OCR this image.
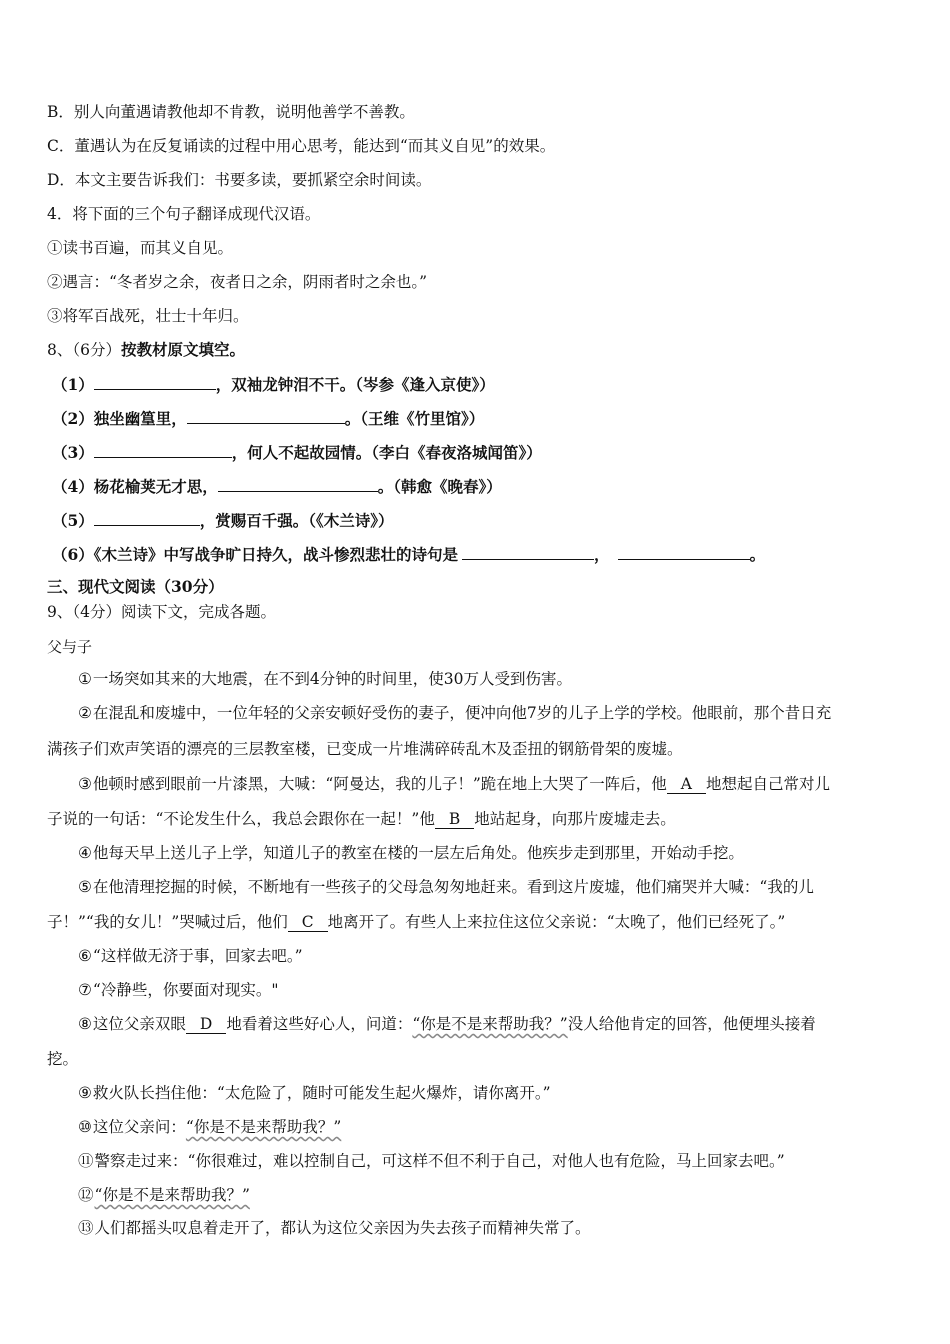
B．别人向董遇请教他却不肯教，说明他善学不善教。
C．董遇认为在反复诵读的过程中用心思考，能达到“而其义自见”的效果。
D．本文主要告诉我们：书要多读，要抓紧空余时间读。
4．将下面的三个句子翻译成现代汉语。
①读书百遍，而其义自见。
②遇言：“冬者岁之余，夜者日之余，阴雨者时之余也。”
③将军百战死，壮士十年归。
8、（6分）按教材原文填空。
（1）	，双袖龙钟泪不干。（岑参《逢入京使》）
（2）独坐幽篁里，	。（王维《竹里馆》）
（3）	，何人不起故园情。（李白《春夜洛城闻笛》）
（4）杨花榆荚无才思，	。（韩愈《晚春》）
（5）	，赏赐百千强。（《木兰诗》）
（6）《木兰诗》中写战争旷日持久，战斗惨烈悲壮的诗句是	，	。
三、现代文阅读（30分）
9、（4分）阅读下文，完成各题。
父与子
①一场突如其来的大地震，在不到4分钟的时间里，使30万人受到伤害。
②在混乱和废墟中，一位年轻的父亲安顿好受伤的妻子，便冲向他7岁的儿子上学的学校。他眼前，那个昔日充
满孩子们欢声笑语的漂亮的三层教室楼，已变成一片堆满碎砖乱木及歪扭的钢筋骨架的废墟。
③他顿时感到眼前一片漆黑，大喊：“阿曼达，我的儿子！”跪在地上大哭了一阵后，他 A 地想起自己常对儿
子说的一句话：“不论发生什么，我总会跟你在一起！”他 B 地站起身，向那片废墟走去。
④他每天早上送儿子上学，知道儿子的教室在楼的一层左后角处。他疾步走到那里，开始动手挖。
⑤在他清理挖掘的时候，不断地有一些孩子的父母急匆匆地赶来。看到这片废墟，他们痛哭并大喊：“我的儿
子！”“我的女儿！”哭喊过后，他们 C 地离开了。有些人上来拉住这位父亲说：“太晚了，他们已经死了。”
⑥“这样做无济于事，回家去吧。”
⑦“冷静些，你要面对现实。"
⑧这位父亲双眼 D 地看着这些好心人，问道：“你是不是来帮助我？”没人给他肯定的回答，他便埋头接着
挖。
⑨救火队长挡住他：“太危险了，随时可能发生起火爆炸，请你离开。”
⑩这位父亲问：“你是不是来帮助我？”
⑪警察走过来：“你很难过，难以控制自己，可这样不但不利于自己，对他人也有危险，马上回家去吧。”
⑫“你是不是来帮助我？”
⑬人们都摇头叹息着走开了，都认为这位父亲因为失去孩子而精神失常了。
